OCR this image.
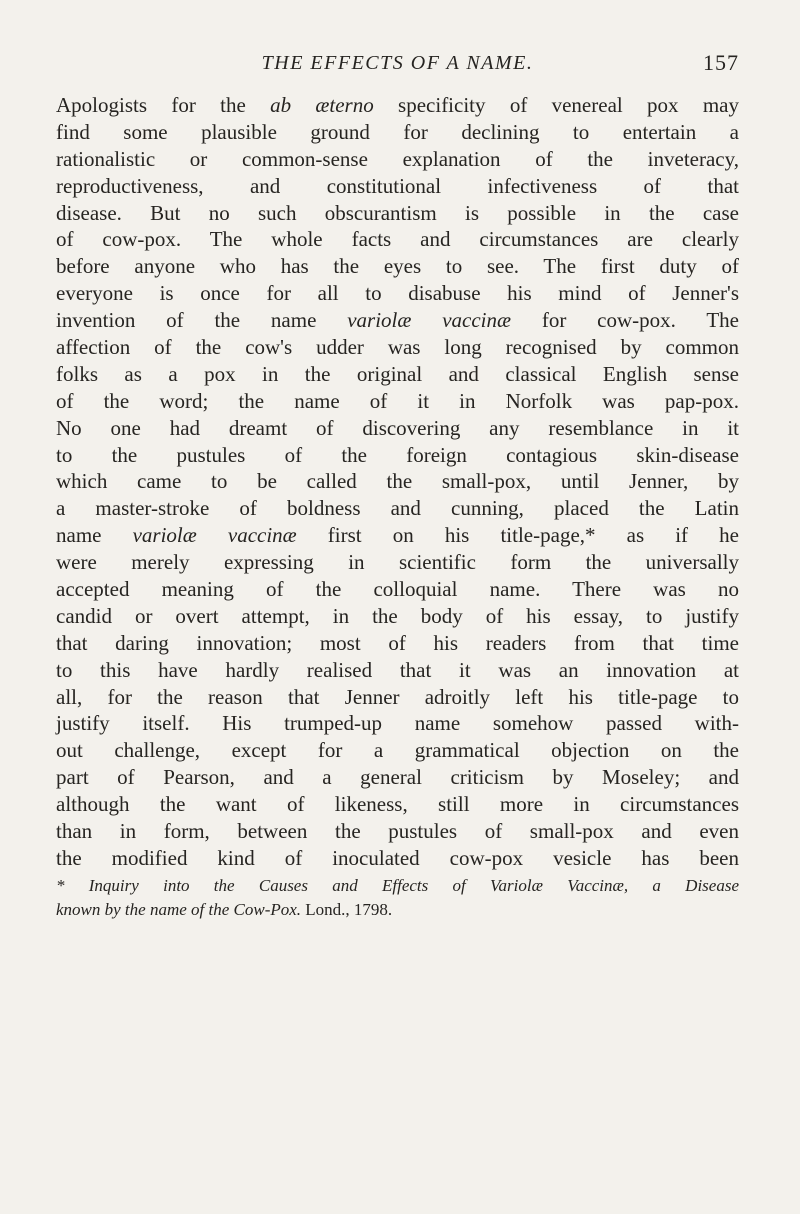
THE EFFECTS OF A NAME.	157
Apologists for the ab æterno specificity of venereal pox may
find some plausible ground for declining to entertain a
rationalistic or common-sense explanation of the inveteracy,
reproductiveness, and constitutional infectiveness of that
disease. But no such obscurantism is possible in the case
of cow-pox. The whole facts and circumstances are clearly
before anyone who has the eyes to see. The first duty of
everyone is once for all to disabuse his mind of Jenner's
invention of the name variolæ vaccinæ for cow-pox. The
affection of the cow's udder was long recognised by common
folks as a pox in the original and classical English sense
of the word; the name of it in Norfolk was pap-pox.
No one had dreamt of discovering any resemblance in it
to the pustules of the foreign contagious skin-disease
which came to be called the small-pox, until Jenner, by
a master-stroke of boldness and cunning, placed the Latin
name variolæ vaccinæ first on his title-page,* as if he
were merely expressing in scientific form the universally
accepted meaning of the colloquial name. There was no
candid or overt attempt, in the body of his essay, to justify
that daring innovation; most of his readers from that time
to this have hardly realised that it was an innovation at
all, for the reason that Jenner adroitly left his title-page to
justify itself. His trumped-up name somehow passed with-
out challenge, except for a grammatical objection on the
part of Pearson, and a general criticism by Moseley; and
although the want of likeness, still more in circumstances
than in form, between the pustules of small-pox and even
the modified kind of inoculated cow-pox vesicle has been
* Inquiry into the Causes and Effects of Variolæ Vaccinæ, a Disease
known by the name of the Cow-Pox. Lond., 1798.
